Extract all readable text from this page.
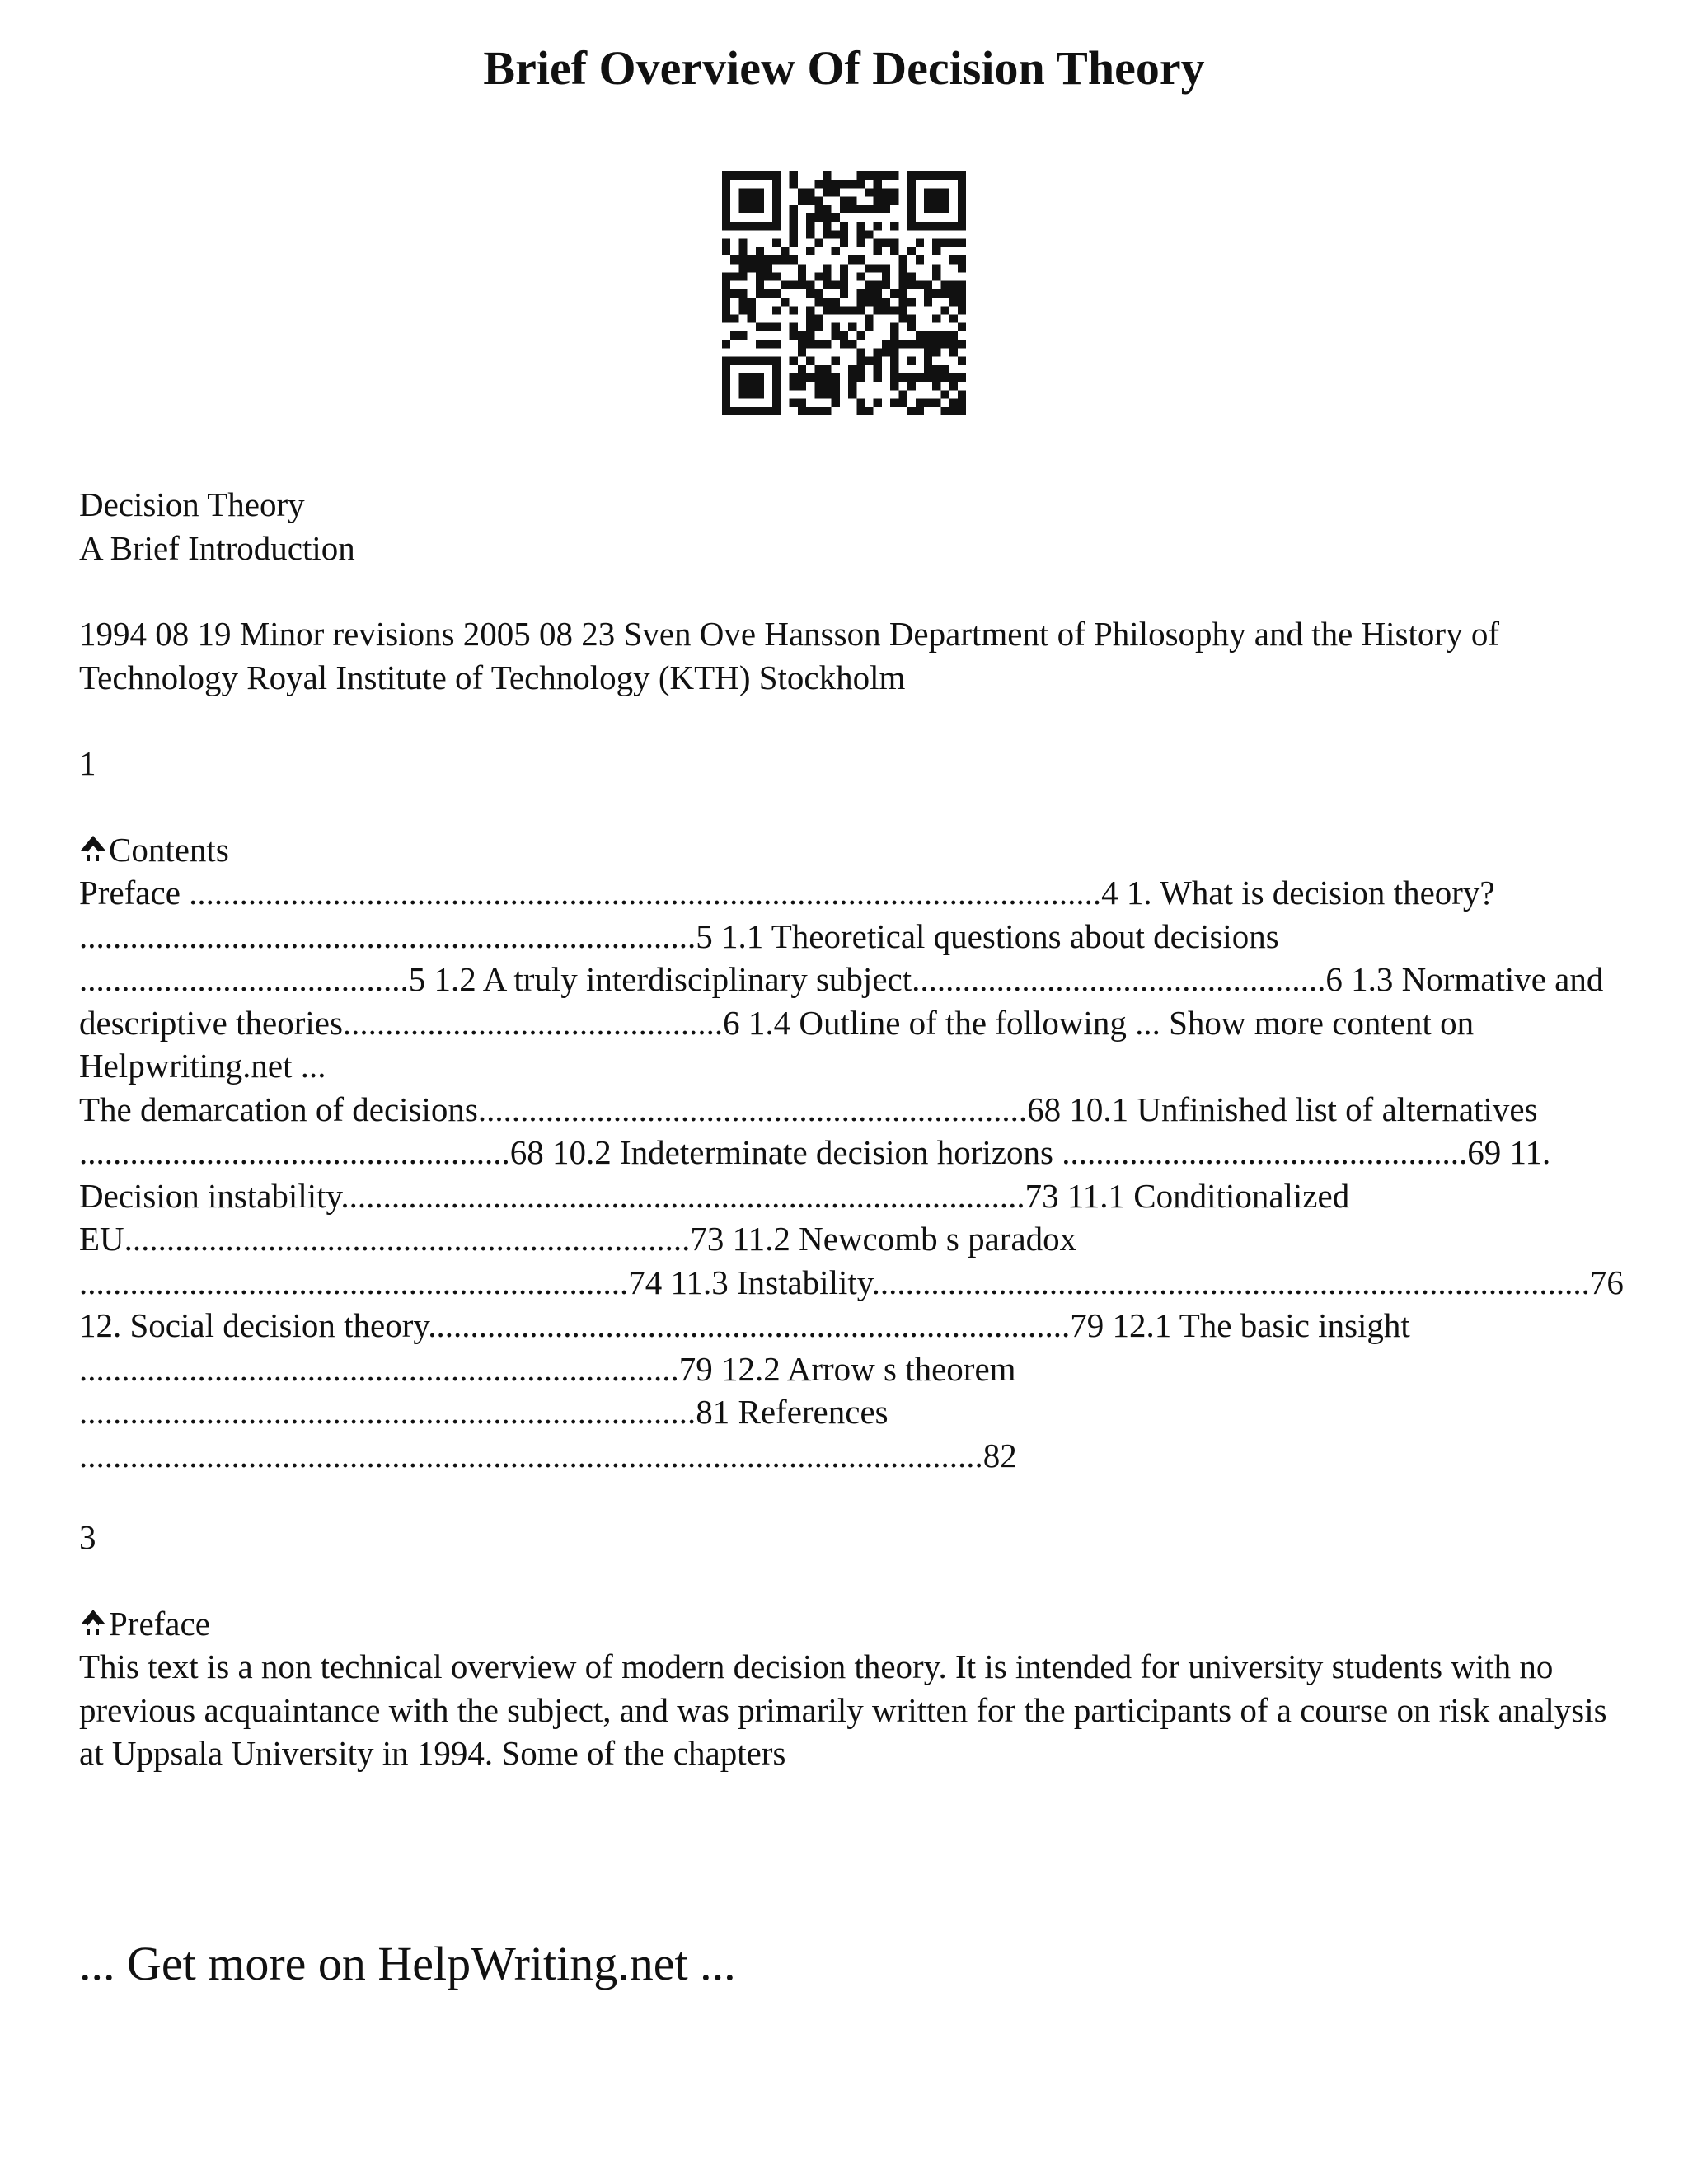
Brief Overview Of Decision Theory

Decision Theory

A Brief Introduction

1994 08 19 Minor revisions 2005 08 23 Sven Ove Hansson Department of Philosophy and the History of Technology Royal Institute of Technology (KTH) Stockholm

1

Contents

Preface ............................................................................................................4 1. What is decision theory? .........................................................................5 1.1 Theoretical questions about decisions .......................................5 1.2 A truly interdisciplinary subject.................................................6 1.3 Normative and descriptive theories.............................................6 1.4 Outline of the following ... Show more content on Helpwriting.net ...

The demarcation of decisions.................................................................68 10.1 Unfinished list of alternatives ...................................................68 10.2 Indeterminate decision horizons ................................................69 11. Decision instability.................................................................................73 11.1 Conditionalized EU...................................................................73 11.2 Newcomb s paradox .................................................................74 11.3 Instability.....................................................................................76 12. Social decision theory............................................................................79 12.1 The basic insight .......................................................................79 12.2 Arrow s theorem .........................................................................81 References ...........................................................................................................82

3

Preface

This text is a non technical overview of modern decision theory. It is intended for university students with no previous acquaintance with the subject, and was primarily written for the participants of a course on risk analysis at Uppsala University in 1994. Some of the chapters

... Get more on HelpWriting.net ...
